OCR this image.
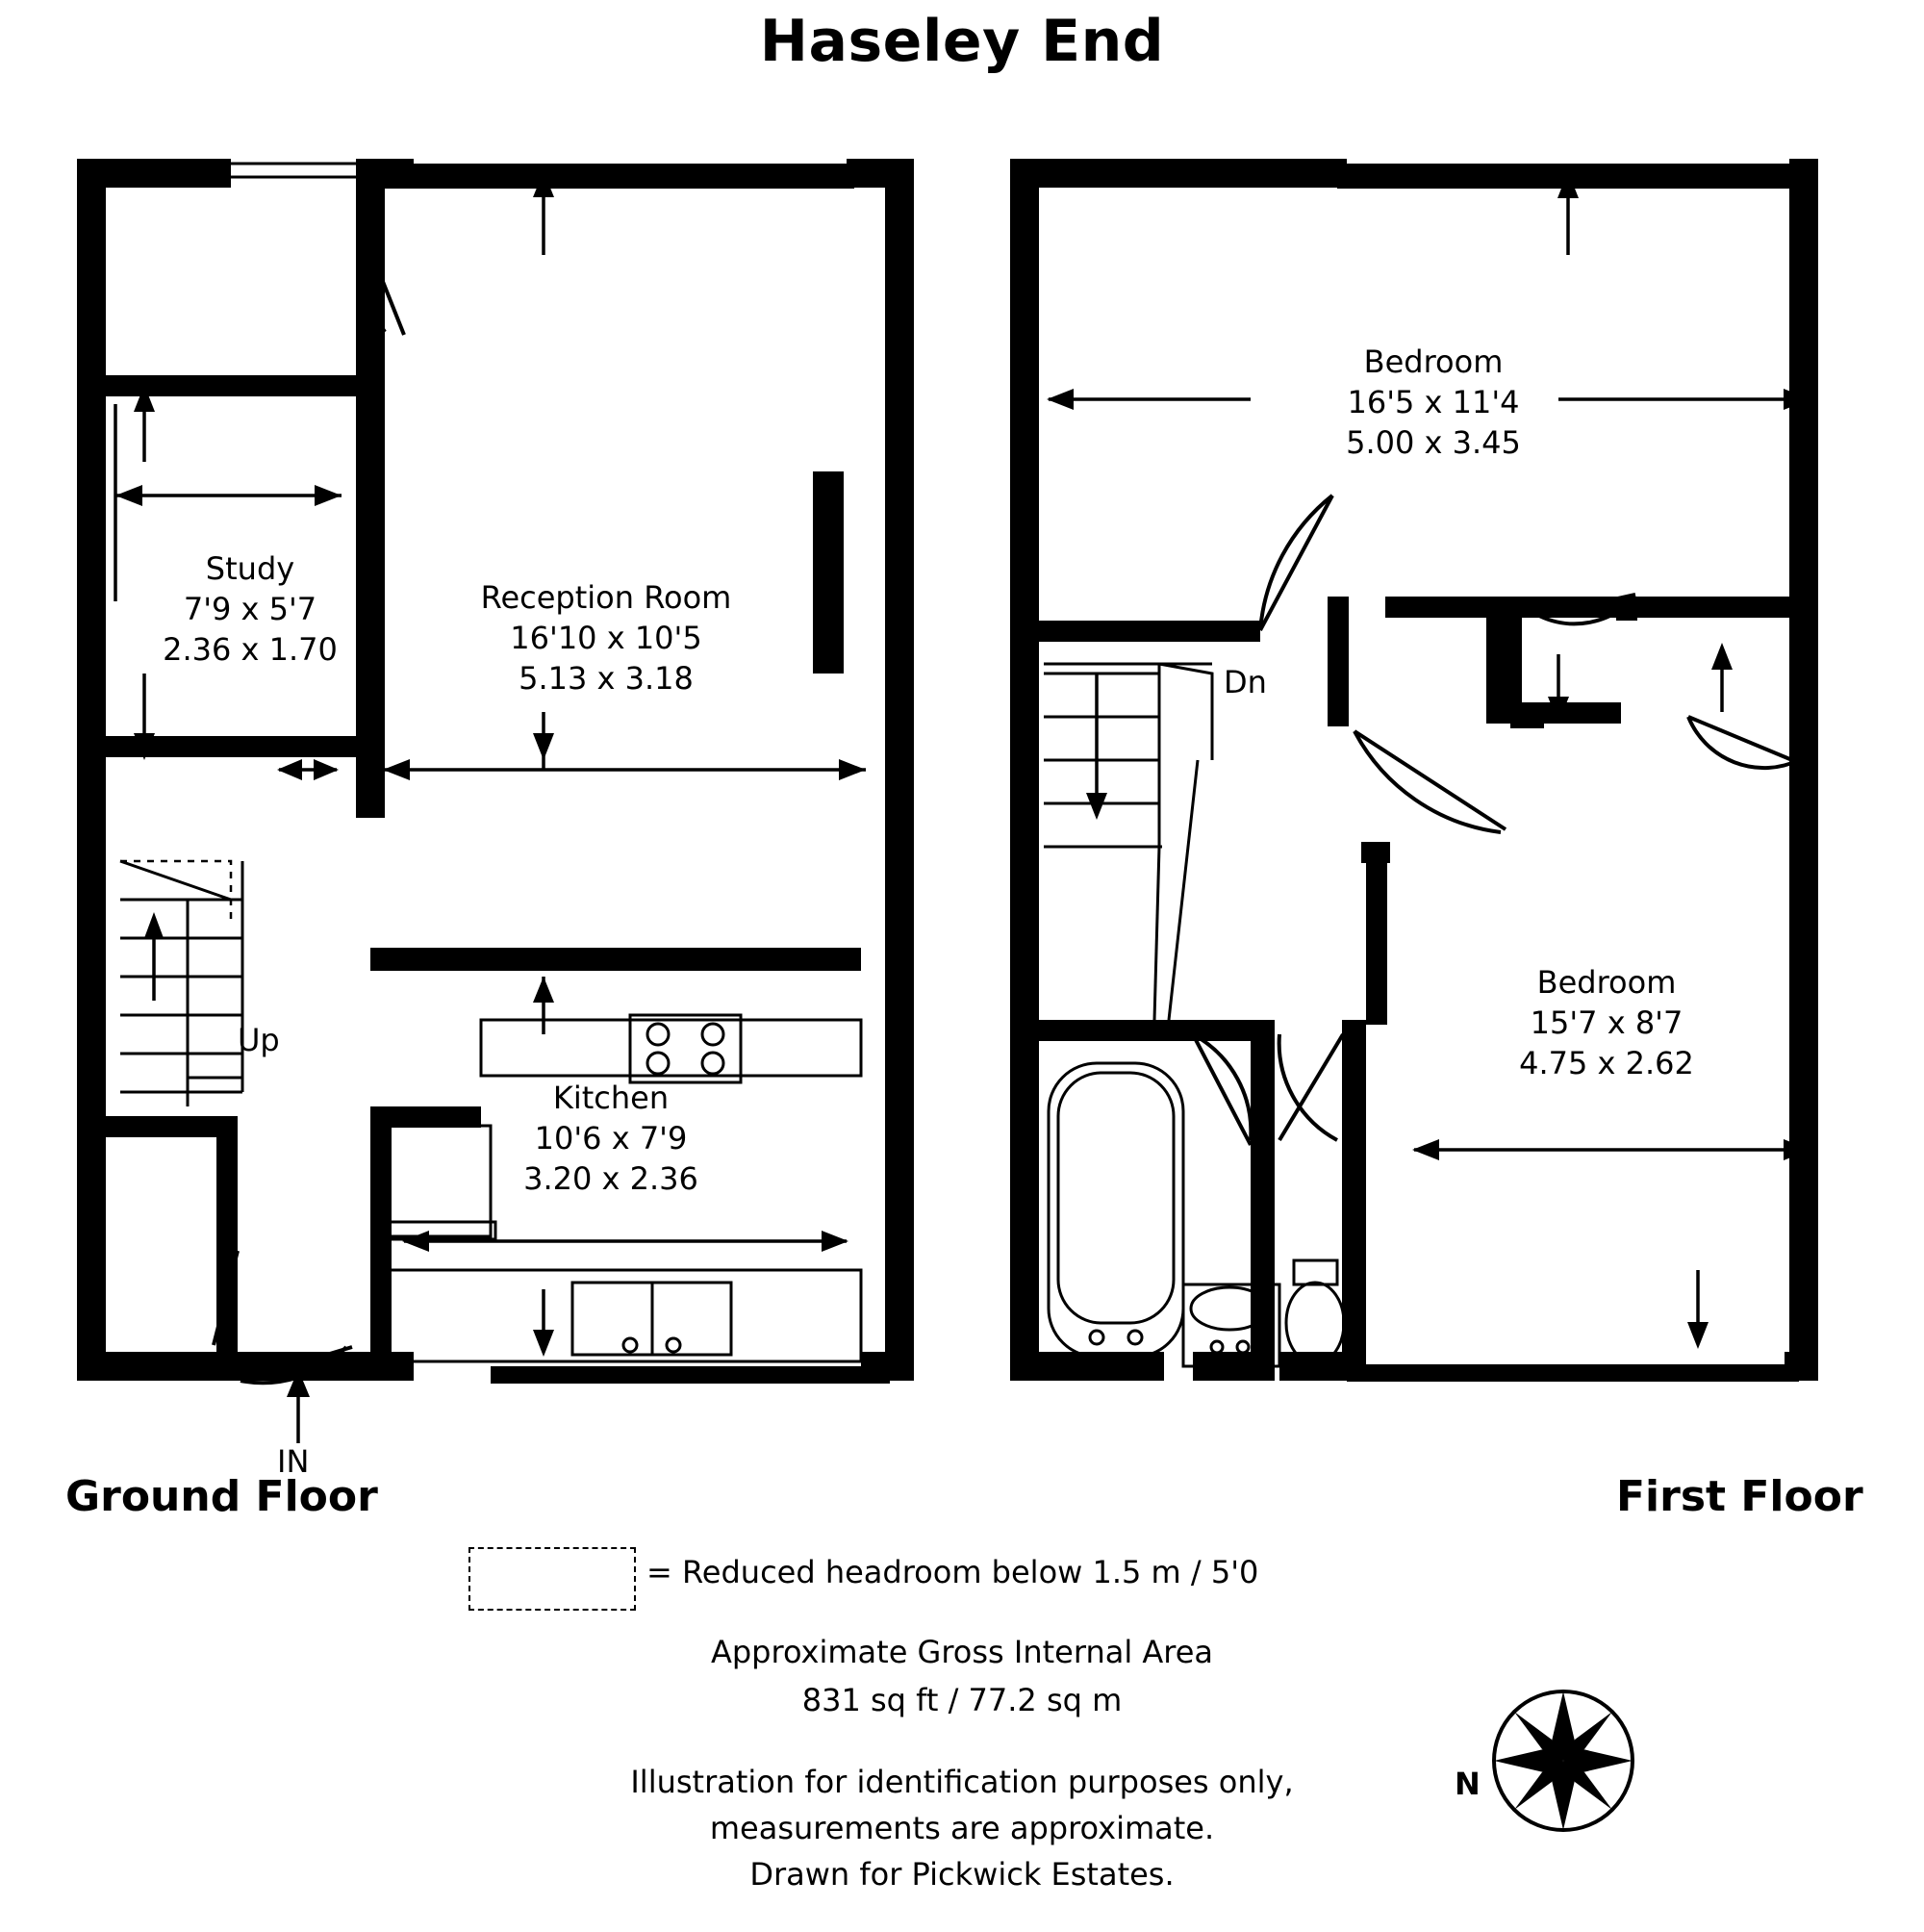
Haseley End
Study
7'9 x 5'7
2.36 x 1.70
Reception Room
16'10 x 10'5
5.13 x 3.18
Kitchen
10'6 x 7'9
3.20 x 2.36
Up
IN
Ground Floor
Bedroom
16'5 x 11'4
5.00 x 3.45
Bedroom
15'7 x 8'7
4.75 x 2.62
Dn
First Floor
= Reduced headroom below 1.5 m / 5'0
Approximate Gross Internal Area
831 sq ft / 77.2 sq m
Illustration for identification purposes only,
measurements are approximate.
Drawn for Pickwick Estates.
N
